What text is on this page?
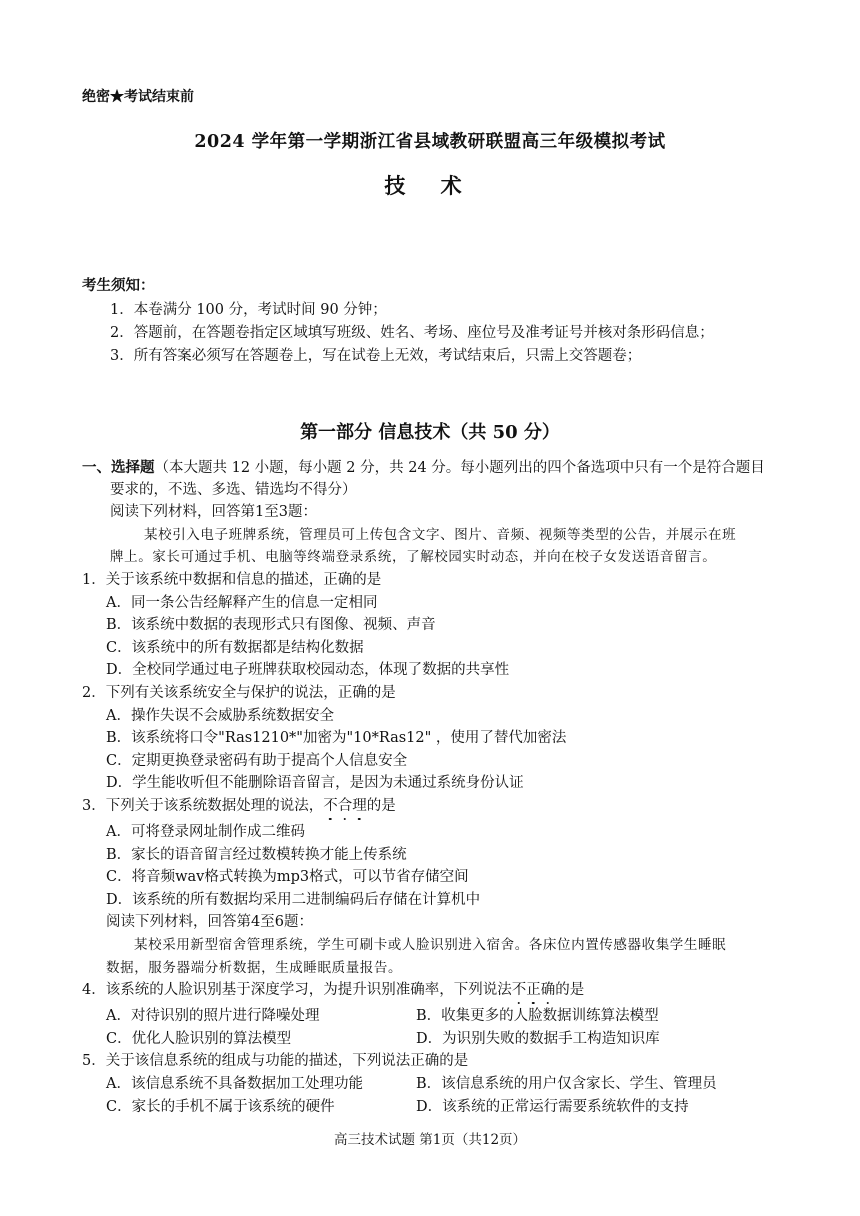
绝密★考试结束前
2024 学年第一学期浙江省县域教研联盟高三年级模拟考试
技 术
考生须知：
1．本卷满分 100 分，考试时间 90 分钟；
2．答题前，在答题卷指定区域填写班级、姓名、考场、座位号及准考证号并核对条形码信息；
3．所有答案必须写在答题卷上，写在试卷上无效，考试结束后，只需上交答题卷；
第一部分 信息技术（共 50 分）
一、选择题（本大题共 12 小题，每小题 2 分，共 24 分。每小题列出的四个备选项中只有一个是符合题目
要求的，不选、多选、错选均不得分）
阅读下列材料，回答第1至3题：
某校引入电子班牌系统，管理员可上传包含文字、图片、音频、视频等类型的公告，并展示在班
牌上。家长可通过手机、电脑等终端登录系统，了解校园实时动态，并向在校子女发送语音留言。
1．关于该系统中数据和信息的描述，正确的是
A．同一条公告经解释产生的信息一定相同
B．该系统中数据的表现形式只有图像、视频、声音
C．该系统中的所有数据都是结构化数据
D．全校同学通过电子班牌获取校园动态，体现了数据的共享性
2．下列有关该系统安全与保护的说法，正确的是
A．操作失误不会威胁系统数据安全
B．该系统将口令"Ras1210*"加密为"10*Ras12" ，使用了替代加密法
C．定期更换登录密码有助于提高个人信息安全
D．学生能收听但不能删除语音留言，是因为未通过系统身份认证
3．下列关于该系统数据处理的说法，不合理的是
A．可将登录网址制作成二维码
B．家长的语音留言经过数模转换才能上传系统
C．将音频wav格式转换为mp3格式，可以节省存储空间
D．该系统的所有数据均采用二进制编码后存储在计算机中
阅读下列材料，回答第4至6题：
某校采用新型宿舍管理系统，学生可刷卡或人脸识别进入宿舍。各床位内置传感器收集学生睡眠
数据，服务器端分析数据，生成睡眠质量报告。
4．该系统的人脸识别基于深度学习，为提升识别准确率，下列说法不正确的是
A．对待识别的照片进行降噪处理	B．收集更多的人脸数据训练算法模型
C．优化人脸识别的算法模型	D．为识别失败的数据手工构造知识库
5．关于该信息系统的组成与功能的描述，下列说法正确的是
A．该信息系统不具备数据加工处理功能	B．该信息系统的用户仅含家长、学生、管理员
C．家长的手机不属于该系统的硬件	D．该系统的正常运行需要系统软件的支持
高三技术试题 第1页（共12页）
